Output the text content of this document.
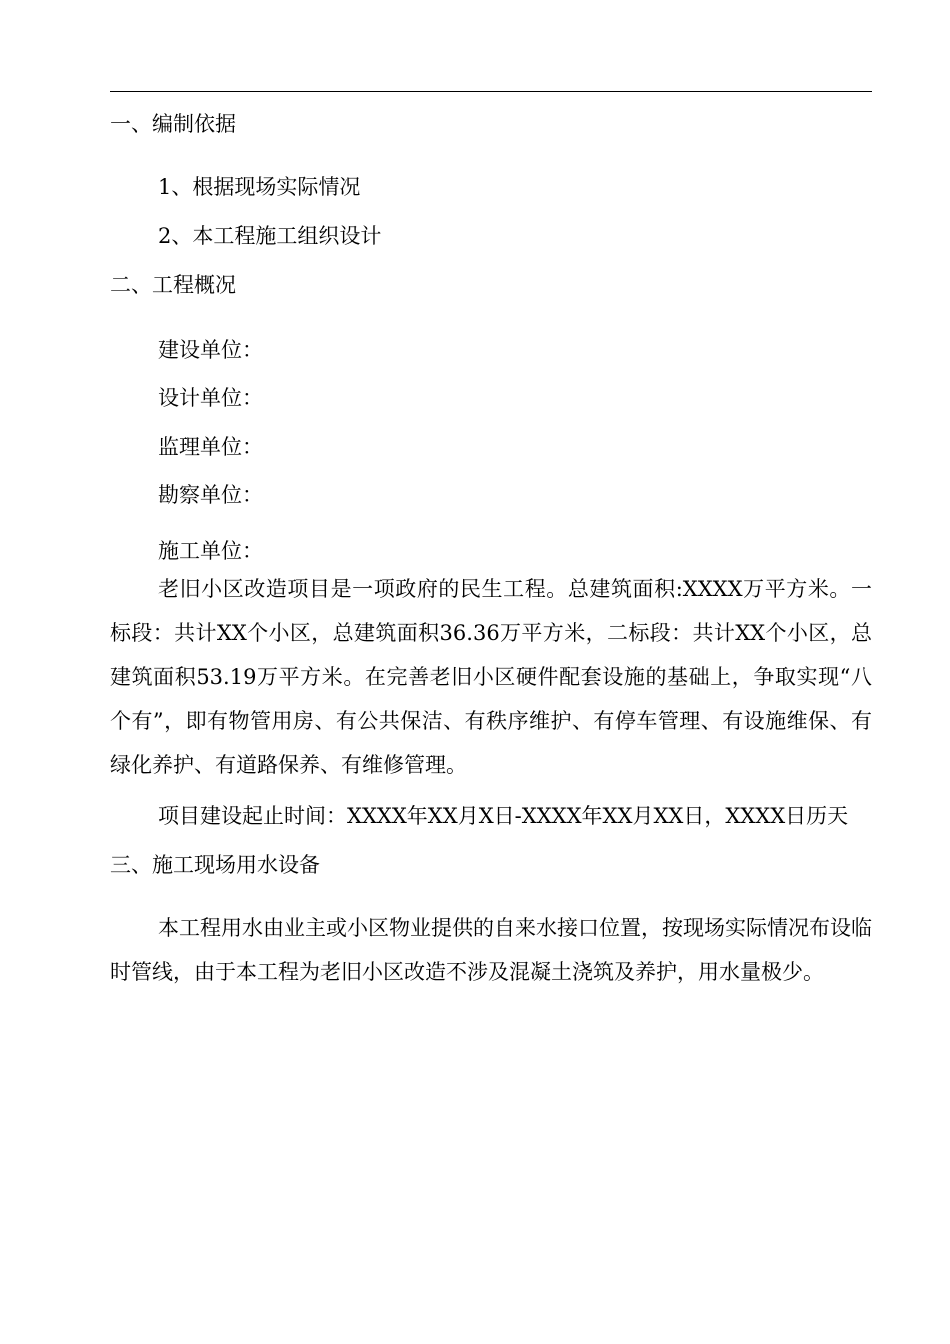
一、编制依据
1、根据现场实际情况
2、本工程施工组织设计
二、工程概况
建设单位：
设计单位：
监理单位：
勘察单位：
施工单位：

老旧小区改造项目是一项政府的民生工程。总建筑面积:XXXX万平方米。一标段：共计XX个小区，总建筑面积36.36万平方米，二标段：共计XX个小区，总建筑面积53.19万平方米。在完善老旧小区硬件配套设施的基础上，争取实现“八个有”，即有物管用房、有公共保洁、有秩序维护、有停车管理、有设施维保、有绿化养护、有道路保养、有维修管理。

项目建设起止时间：XXXX年XX月X日-XXXX年XX月XX日，XXXX日历天
三、施工现场用水设备

本工程用水由业主或小区物业提供的自来水接口位置，按现场实际情况布设临时管线，由于本工程为老旧小区改造不涉及混凝土浇筑及养护，用水量极少。
